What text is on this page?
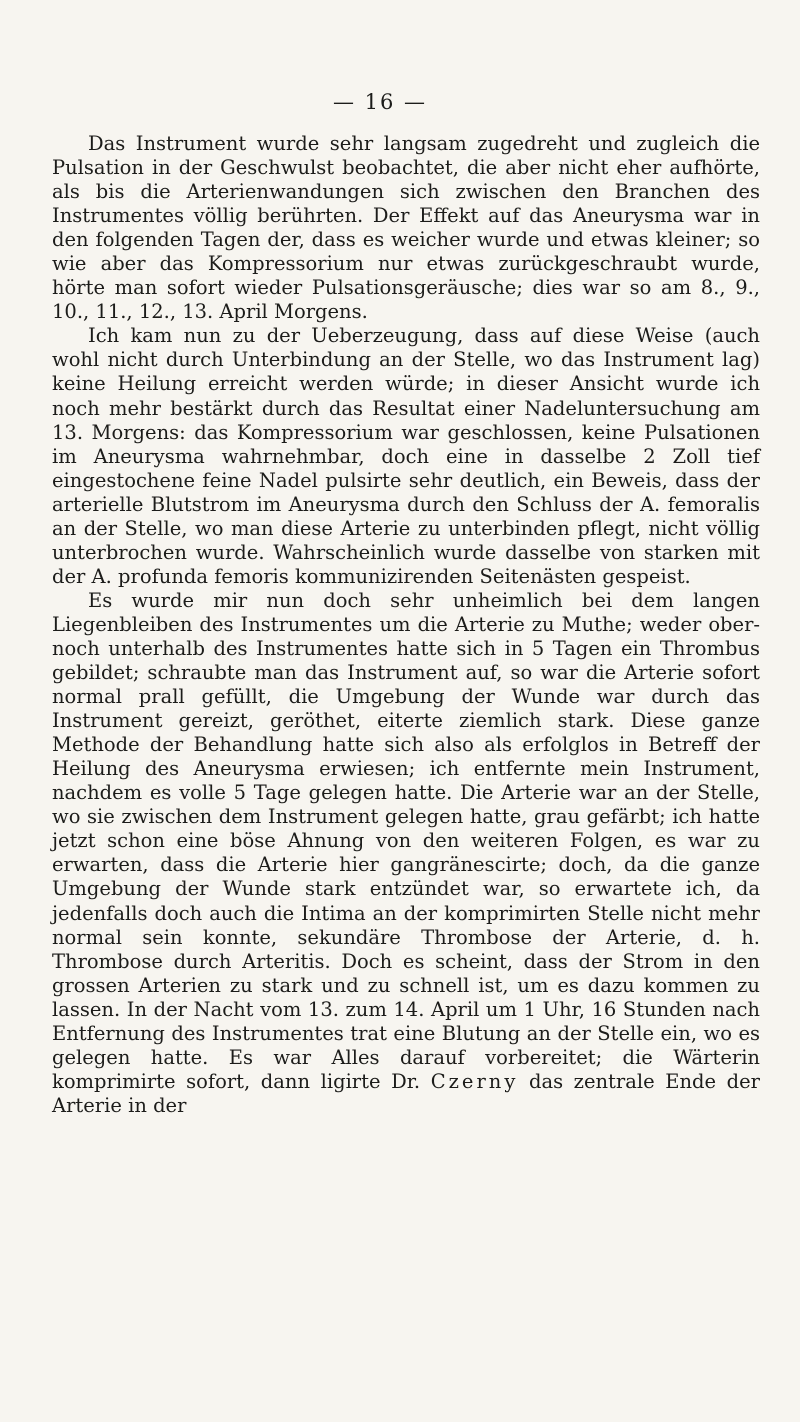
— 16 —

Das Instrument wurde sehr langsam zugedreht und zugleich die Pulsation in der Geschwulst beobachtet, die aber nicht eher aufhörte, als bis die Arterienwandungen sich zwischen den Branchen des Instrumentes völlig berührten. Der Effekt auf das Aneurysma war in den folgenden Tagen der, dass es weicher wurde und etwas kleiner; so wie aber das Kompressorium nur etwas zurückgeschraubt wurde, hörte man sofort wieder Pulsationsgeräusche; dies war so am 8., 9., 10., 11., 12., 13. April Morgens.

Ich kam nun zu der Ueberzeugung, dass auf diese Weise (auch wohl nicht durch Unterbindung an der Stelle, wo das Instrument lag) keine Heilung erreicht werden würde; in dieser Ansicht wurde ich noch mehr bestärkt durch das Resultat einer Nadeluntersuchung am 13. Morgens: das Kompressorium war geschlossen, keine Pulsationen im Aneurysma wahrnehmbar, doch eine in dasselbe 2 Zoll tief eingestochene feine Nadel pulsirte sehr deutlich, ein Beweis, dass der arterielle Blutstrom im Aneurysma durch den Schluss der A. femoralis an der Stelle, wo man diese Arterie zu unterbinden pflegt, nicht völlig unterbrochen wurde. Wahrscheinlich wurde dasselbe von starken mit der A. profunda femoris kommunizirenden Seitenästen gespeist.

Es wurde mir nun doch sehr unheimlich bei dem langen Liegenbleiben des Instrumentes um die Arterie zu Muthe; weder ober- noch unterhalb des Instrumentes hatte sich in 5 Tagen ein Thrombus gebildet; schraubte man das Instrument auf, so war die Arterie sofort normal prall gefüllt, die Umgebung der Wunde war durch das Instrument gereizt, geröthet, eiterte ziemlich stark. Diese ganze Methode der Behandlung hatte sich also als erfolglos in Betreff der Heilung des Aneurysma erwiesen; ich entfernte mein Instrument, nachdem es volle 5 Tage gelegen hatte. Die Arterie war an der Stelle, wo sie zwischen dem Instrument gelegen hatte, grau gefärbt; ich hatte jetzt schon eine böse Ahnung von den weiteren Folgen, es war zu erwarten, dass die Arterie hier gangränescirte; doch, da die ganze Umgebung der Wunde stark entzündet war, so erwartete ich, da jedenfalls doch auch die Intima an der komprimirten Stelle nicht mehr normal sein konnte, sekundäre Thrombose der Arterie, d. h. Thrombose durch Arteritis. Doch es scheint, dass der Strom in den grossen Arterien zu stark und zu schnell ist, um es dazu kommen zu lassen. In der Nacht vom 13. zum 14. April um 1 Uhr, 16 Stunden nach Entfernung des Instrumentes trat eine Blutung an der Stelle ein, wo es gelegen hatte. Es war Alles darauf vorbereitet; die Wärterin komprimirte sofort, dann ligirte Dr. Czerny das zentrale Ende der Arterie in der
